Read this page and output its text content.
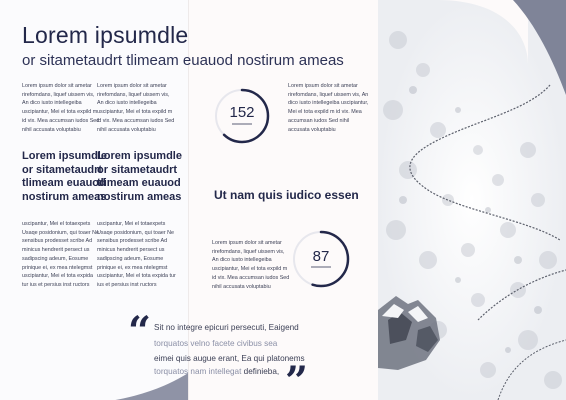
Lorem ipsumdle
or sitametaudrt tlimeam euauod nostirum ameas
Lorem ipsum dolor sit ametar rirefomdans, liquef uissem vis, An dico iusto intellegeiba uscipiantur, Mei el tota expild m id vix. Mea accumsan iudos Sed nihil accusata voluptabiu
Lorem ipsum dolor sit ametar rirefomdans, liquef uissem vis, An dico iusto intellegeiba uscipiantur, Mei el tota expild m id vix. Mea accumsan iudos Sed nihil accusata voluptabiu
Lorem ipsumdle or sitametaudrt tlimeam euauod nostirum ameas
Lorem ipsumdle or sitametaudrt tlimeam euauod nostirum ameas
uscipantur, Mei el totaexpets Usaqe posidonium, qui toaer Ne sensibus prodesset scribe Ad minicus hendrerit persect us sadipscing adeum, Eosume prinique ei, ex mea ntelegmst uscipiantur, Mei el tota expida tur ius et persius inst ructors
uscipantur, Mei el totaexpets Usaqe posidonium, qui toaer Ne sensibus prodesset scribe Ad minicus hendrerit persect us sadipscing adeum, Eosume prinique ei, ex mea ntelegmst uscipiantur, Mei el tota expida tur ius et persius inst ructors
152
Lorem ipsum dolor sit ametar rirefomdans, liquef uissem vis, An dico iusto intellegeiba uscipiantur, Mei el tota expild m id vix. Mea accumsan iudos Sed nihil accusata voluptabiu
Ut nam quis iudico essen
Lorem ipsum dolor sit ametar rirefomdans, liquef uissem vis, An dico iusto intellegeiba uscipiantur, Mei el tota expild m id vix. Mea accumsan iudos Sed nihil accusata voluptabiu
87
“ Sit no integre epicuri persecuti, Eaigend
torquatos velno facete civibus sea
eimei quis augue erant, Ea qui platonems
torquatos nam intellegat definieba, ”
